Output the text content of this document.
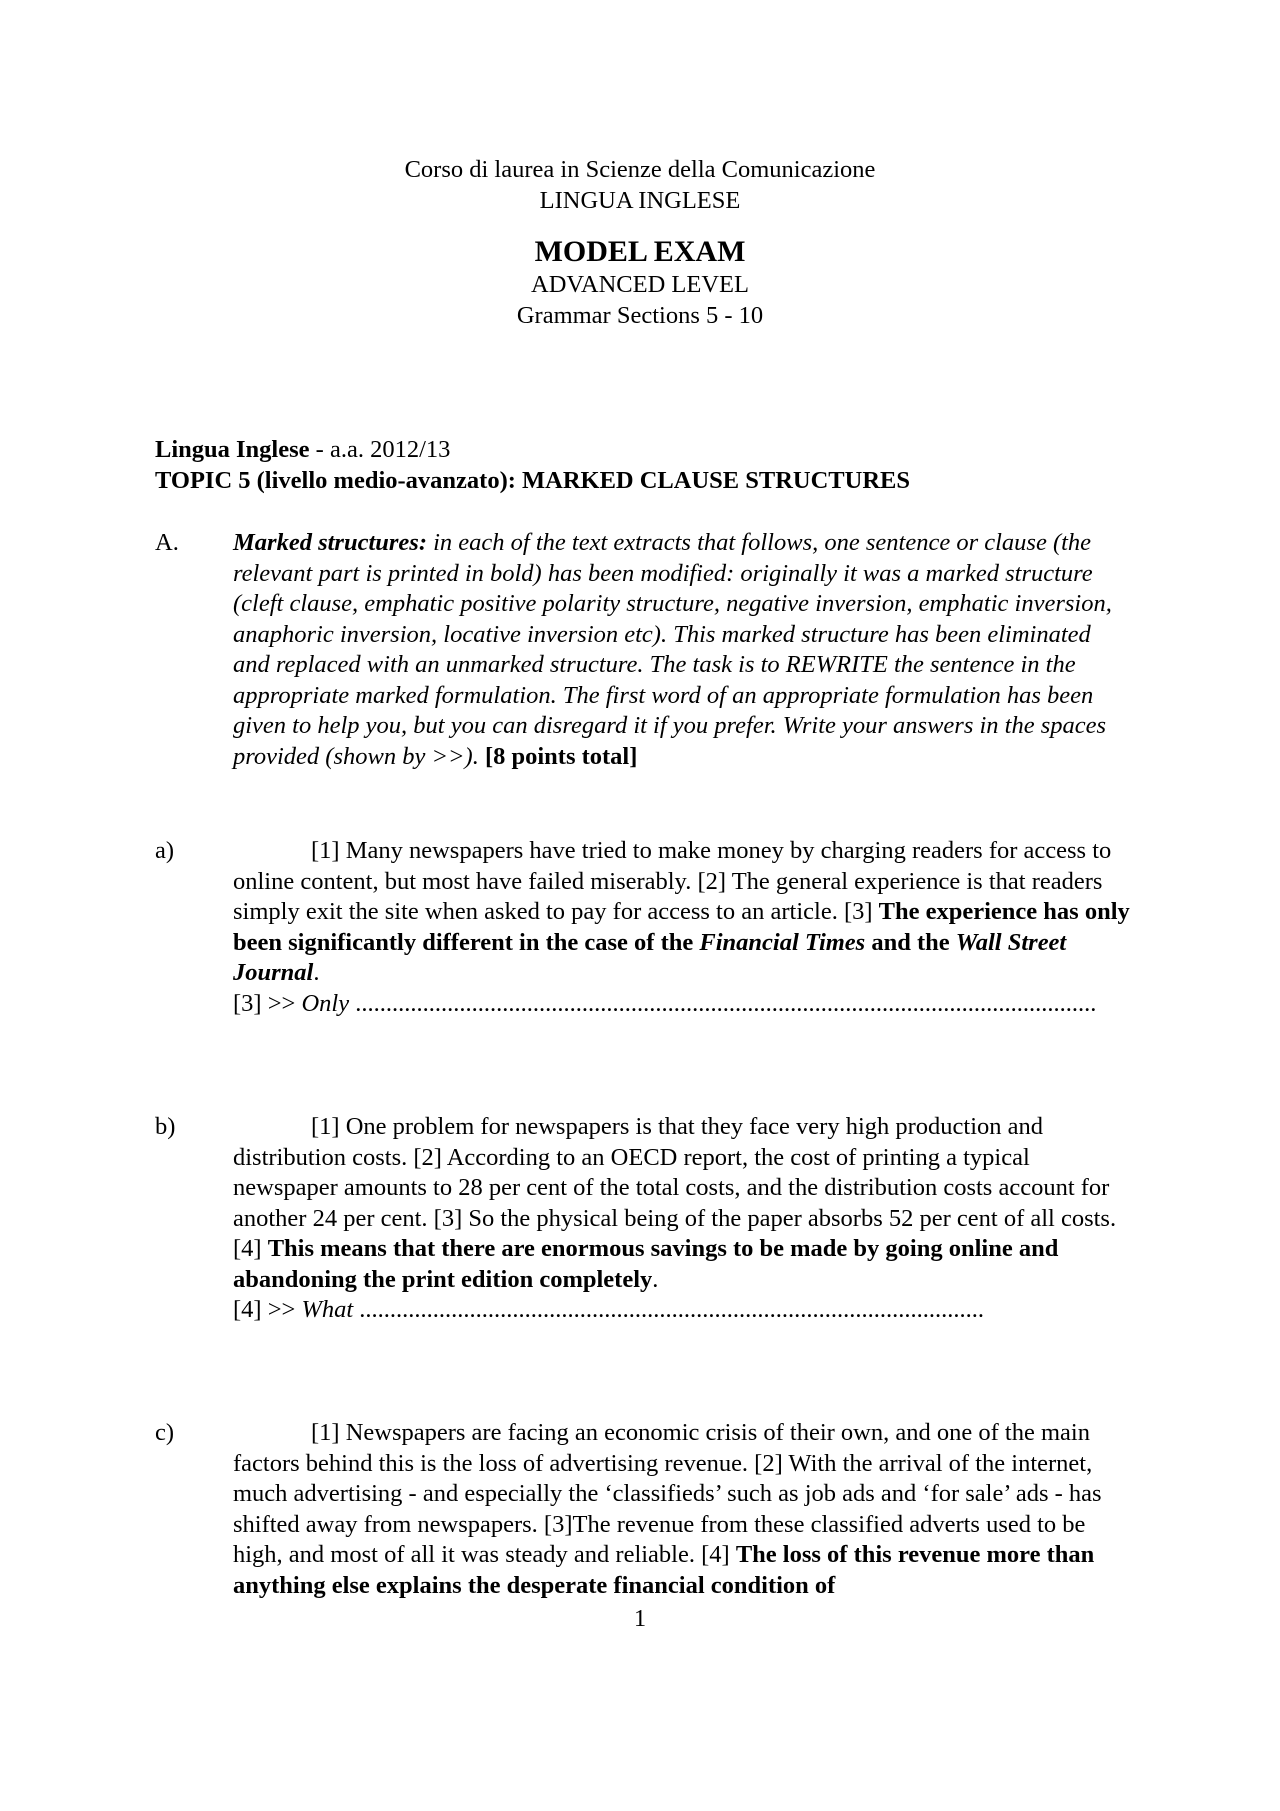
Corso di laurea in Scienze della Comunicazione
LINGUA INGLESE
MODEL EXAM
ADVANCED LEVEL
Grammar Sections 5 - 10
Lingua Inglese - a.a. 2012/13
TOPIC 5 (livello medio-avanzato): MARKED CLAUSE STRUCTURES
A.	Marked structures: in each of the text extracts that follows, one sentence or clause (the relevant part is printed in bold) has been modified: originally it was a marked structure (cleft clause, emphatic positive polarity structure, negative inversion, emphatic inversion, anaphoric inversion, locative inversion etc). This marked structure has been eliminated and replaced with an unmarked structure. The task is to REWRITE the sentence in the appropriate marked formulation. The first word of an appropriate formulation has been given to help you, but you can disregard it if you prefer. Write your answers in the spaces provided (shown by >>). [8 points total]
a)	[1] Many newspapers have tried to make money by charging readers for access to online content, but most have failed miserably. [2] The general experience is that readers simply exit the site when asked to pay for access to an article. [3] The experience has only been significantly different in the case of the Financial Times and the Wall Street Journal.
[3] >> Only .........................................................................................................................
b)	[1] One problem for newspapers is that they face very high production and distribution costs. [2] According to an OECD report, the cost of printing a typical newspaper amounts to 28 per cent of the total costs, and the distribution costs account for another 24 per cent. [3] So the physical being of the paper absorbs 52 per cent of all costs. [4] This means that there are enormous savings to be made by going online and abandoning the print edition completely.
[4] >> What ......................................................................................................
c)	[1] Newspapers are facing an economic crisis of their own, and one of the main factors behind this is the loss of advertising revenue. [2] With the arrival of the internet, much advertising - and especially the ‘classifieds’ such as job ads and ‘for sale’ ads - has shifted away from newspapers. [3]The revenue from these classified adverts used to be high, and most of all it was steady and reliable. [4] The loss of this revenue more than anything else explains the desperate financial condition of
1
